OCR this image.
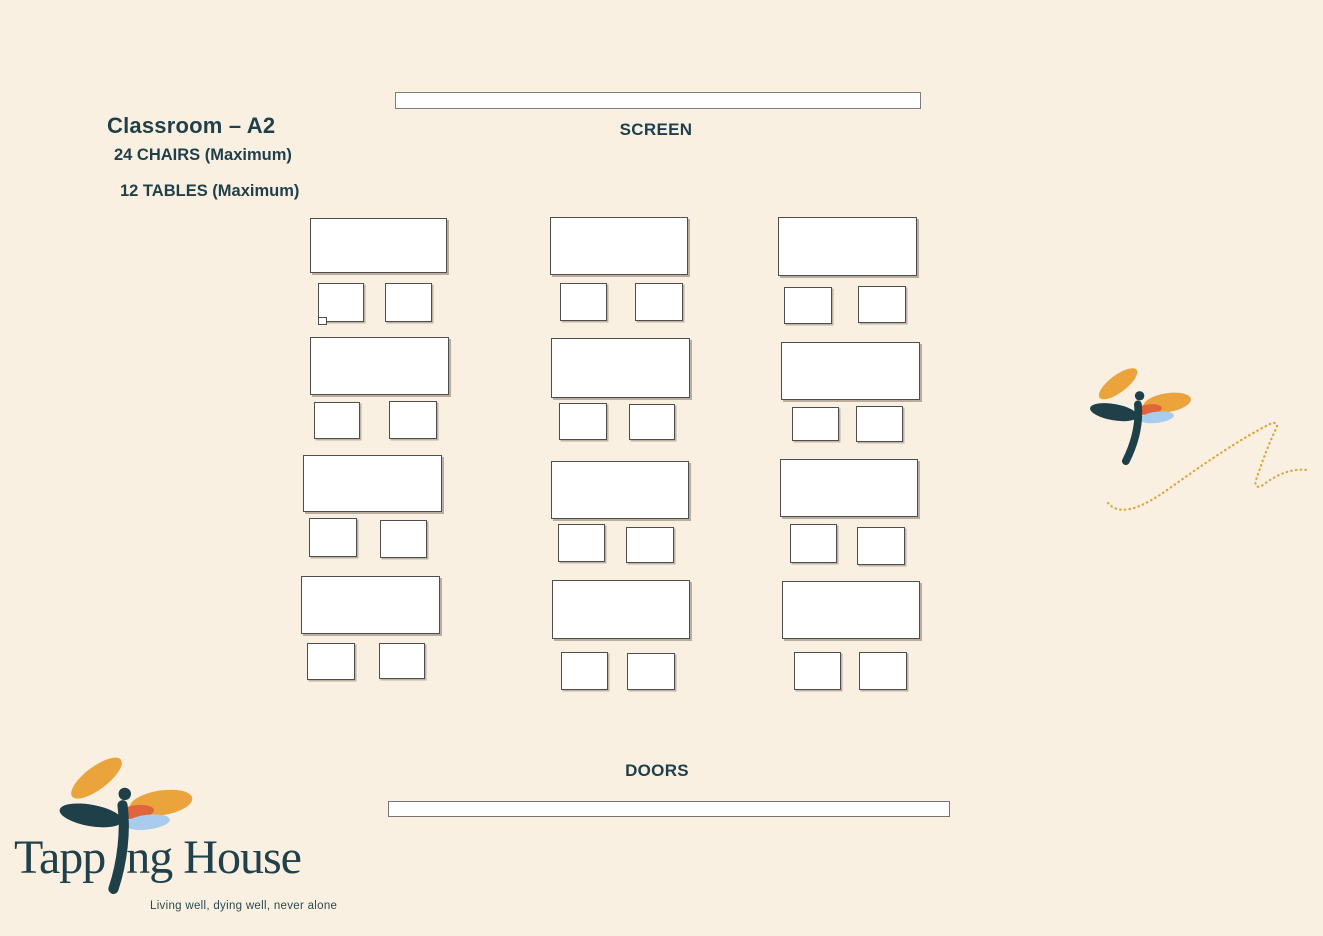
Classroom – A2
24 CHAIRS (Maximum)
12 TABLES (Maximum)
SCREEN
DOORS
Tapp ng House
Living well, dying well, never alone
